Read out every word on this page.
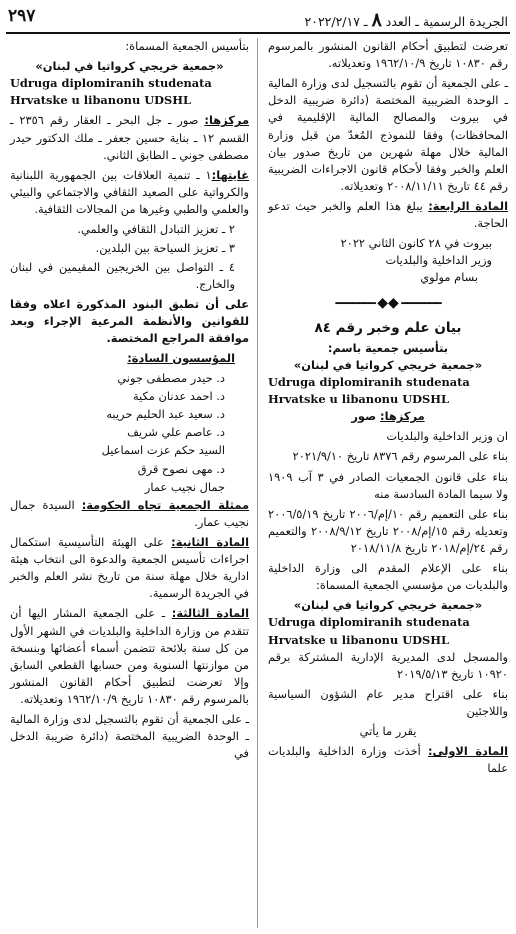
٢٩٧	الجريدة الرسمية ـ العدد ٨ ـ ٢٠٢٢/٢/١٧

تعرضت لتطبيق أحكام القانون المنشور بالمرسوم رقم ١٠٨٣٠ تاريخ ١٩٦٢/١٠/٩ وتعديلاته.

ـ على الجمعية أن تقوم بالتسجيل لدى وزارة المالية ـ الوحدة الضريبية المختصة (دائرة ضريبية الدخل في بيروت والمصالح المالية الإقليمية في المحافظات) وفقا للنموذج المُعدّ من قبل وزارة المالية خلال مهلة شهرين من تاريخ صدور بيان العلم والخبر وفقا لأحكام قانون الاجراءات الضريبية رقم ٤٤ تاريخ ٢٠٠٨/١١/١١ وتعديلاته.

المادة الرابعة: يبلغ هذا العلم والخبر حيث تدعو الحاجة.

بيروت في ٢٨ كانون الثاني ٢٠٢٢
وزير الداخلية والبلديات
بسام مولوي
━━━━━━━ ◆◆ ━━━━━━━
بيان علم وخبر رقم ٨٤
بتأسيس جمعية باسم:
«جمعية خريجي كرواتيا في لبنان»
Udruga diplomiranih studenata Hrvatske u libanonu UDSHL

مركزها: صور

ان وزير الداخلية والبلديات

بناء على المرسوم رقم ٨٣٧٦ تاريخ ٢٠٢١/٩/١٠

بناء على قانون الجمعيات الصادر في ٣ آب ١٩٠٩ ولا سيما المادة السادسة منه

بناء على التعميم رقم ١٠/إم/٢٠٠٦ تاريخ ٢٠٠٦/٥/١٩ وتعديله رقم ١٥/إم/٢٠٠٨ تاريخ ٢٠٠٨/٩/١٢ والتعميم رقم ٢٤/إم/٢٠١٨ تاريخ ٢٠١٨/١١/٨

بناء على الإعلام المقدم الى وزارة الداخلية والبلديات من مؤسسي الجمعية المسماة:

«جمعية خريجي كرواتيا في لبنان»
Udruga diplomiranih studenata Hrvatske u libanonu UDSHL

والمسجل لدى المديرية الإدارية المشتركة برقم ١٠٩٢٠ تاريخ ٢٠١٩/٥/١٣

بناء على اقتراح مدير عام الشؤون السياسية واللاجئين

يقرر ما يأتي

المادة الاولى: أخذت وزارة الداخلية والبلديات علما

بتأسيس الجمعية المسماة:

«جمعية خريجي كرواتيا في لبنان»
Udruga diplomiranih studenata Hrvatske u libanonu UDSHL

مركزها: صور ـ جل البحر ـ العقار رقم ٢٣٥٦ ـ القسم ١٢ ـ بناية حسين جعفر ـ ملك الدكتور حيدر مصطفى جوني ـ الطابق الثاني.

غايتها:١ ـ تنمية العلاقات بين الجمهورية اللبنانية والكرواتية على الصعيد الثقافي والاجتماعي والبيئي والعلمي والطبي وغيرها من المجالات الثقافية.

٢ ـ تعزيز التبادل الثقافي والعلمي.

٣ ـ تعزيز السياحة بين البلدين.

٤ ـ التواصل بين الخريجين المقيمين في لبنان والخارج.

على أن تطبق البنود المذكورة اعلاه وفقا للقوانين والأنظمة المرعية الإجراء وبعد موافقة المراجع المختصة.

المؤسسون السادة:

د. حيدر مصطفى جوني

د. احمد عدنان مكية

د. سعيد عبد الحليم حريبه

د. عاصم علي شريف

السيد حكم عزت اسماعيل

د. مهى نصوح قرق

جمال نجيب عمار

ممثلة الجمعية تجاه الحكومة: السيدة جمال نجيب عمار.

المادة الثانية: على الهيئة التأسيسية استكمال اجراءات تأسيس الجمعية والدعوة الى انتخاب هيئة ادارية خلال مهلة سنة من تاريخ نشر العلم والخبر في الجريدة الرسمية.

المادة الثالثة: ـ على الجمعية المشار اليها أن تتقدم من وزارة الداخلية والبلديات في الشهر الأول من كل سنة بلائحة تتضمن أسماء أعضائها وبنسخة من موازنتها السنوية ومن حسابها القطعي السابق وإلا تعرضت لتطبيق أحكام القانون المنشور بالمرسوم رقم ١٠٨٣٠ تاريخ ١٩٦٢/١٠/٩ وتعديلاته.

ـ على الجمعية أن تقوم بالتسجيل لدى وزارة المالية ـ الوحدة الضريبية المختصة (دائرة ضريبة الدخل في
